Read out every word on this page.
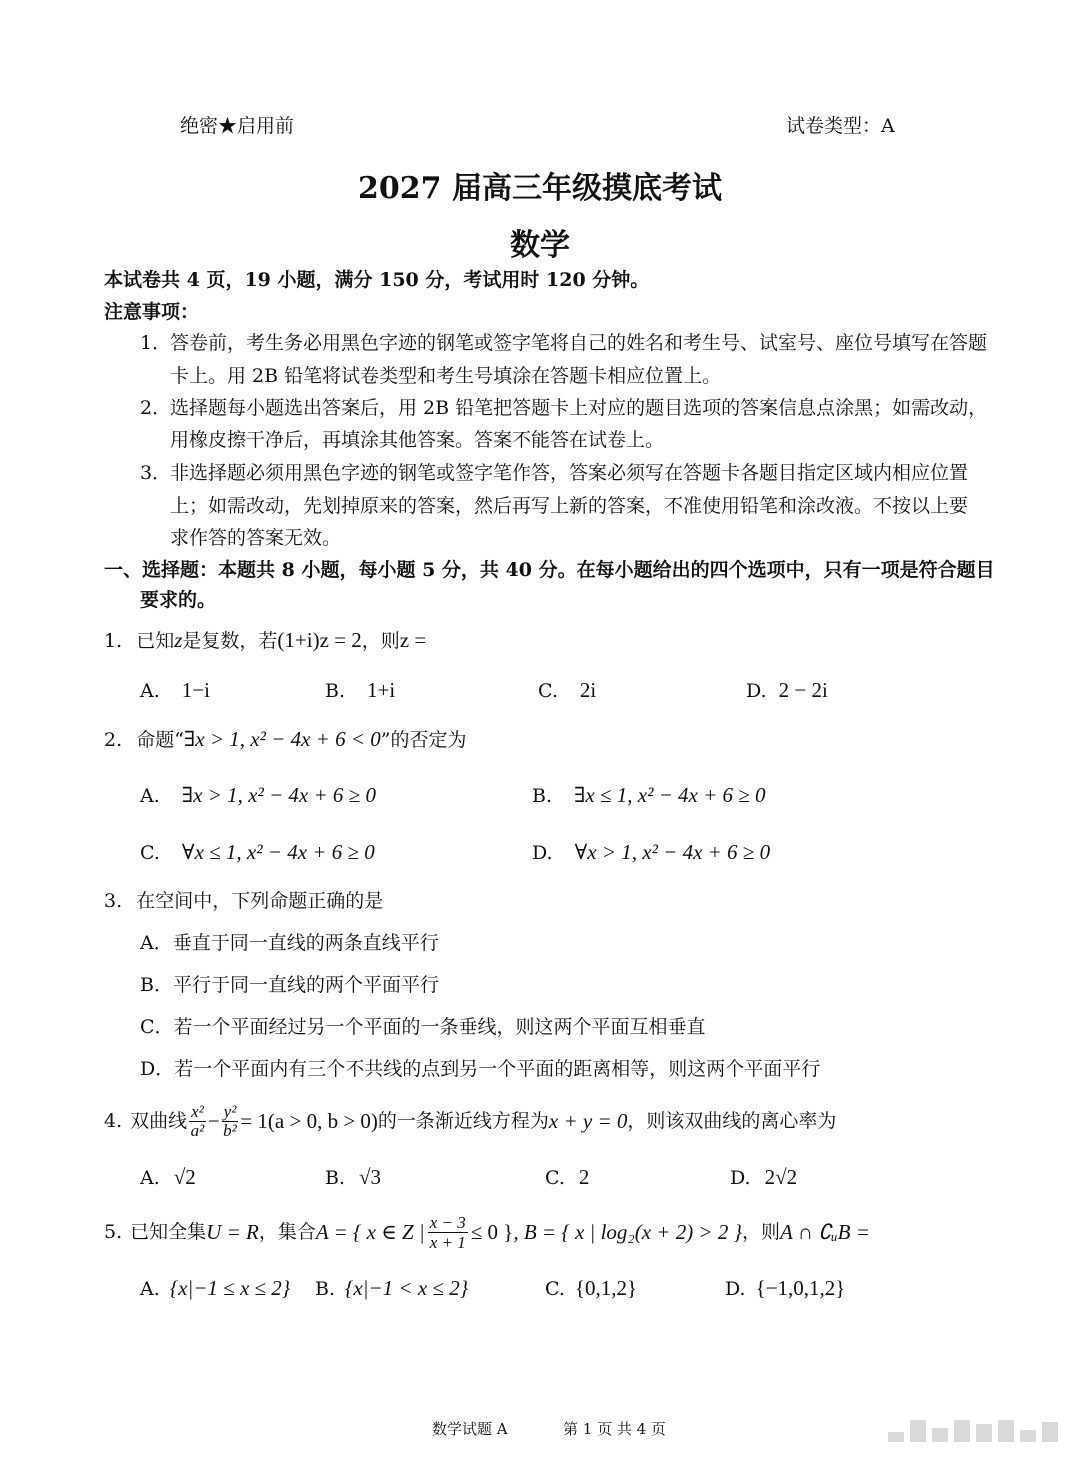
绝密★启用前	试卷类型：A
2027 届高三年级摸底考试
数学
本试卷共 4 页，19 小题，满分 150 分，考试用时 120 分钟。
注意事项：
1．
答卷前，考生务必用黑色字迹的钢笔或签字笔将自己的姓名和考生号、试室号、座位号填写在答题
卡上。用 2B 铅笔将试卷类型和考生号填涂在答题卡相应位置上。
2．
选择题每小题选出答案后，用 2B 铅笔把答题卡上对应的题目选项的答案信息点涂黑；如需改动，
用橡皮擦干净后，再填涂其他答案。答案不能答在试卷上。
3．
非选择题必须用黑色字迹的钢笔或签字笔作答，答案必须写在答题卡各题目指定区域内相应位置
上；如需改动，先划掉原来的答案，然后再写上新的答案，不准使用铅笔和涂改液。不按以上要
求作答的答案无效。
一、选择题：本题共 8 小题，每小题 5 分，共 40 分。在每小题给出的四个选项中，只有一项是符合题目
要求的。
1. 已知z是复数，若(1+i)z = 2，则z =
A. 1−i	B. 1+i	C. 2i	D. 2 − 2i
2. 命题“∃x > 1, x² − 4x + 6 < 0”的否定为
A. ∃x > 1, x² − 4x + 6 ≥ 0	B. ∃x ≤ 1, x² − 4x + 6 ≥ 0
C. ∀x ≤ 1, x² − 4x + 6 ≥ 0	D. ∀x > 1, x² − 4x + 6 ≥ 0
3. 在空间中，下列命题正确的是
A．垂直于同一直线的两条直线平行
B．平行于同一直线的两个平面平行
C．若一个平面经过另一个平面的一条垂线，则这两个平面互相垂直
D．若一个平面内有三个不共线的点到另一个平面的距离相等，则这两个平面平行
4. 双曲线 x²
$a^2 - \frac{\text{y²}}{\text{b²}} = 1(a > 0$, b > 0) 的一条渐近线方程为 x + y = 0 ，则该双曲线的离心率为
A. √2	B. √3	C. 2	D. 2√2
5. 已知全集 U = R ，集合 A = { x ∈ Z | $\frac{x - 3}{x + 1} \le 0$ } , B = { x | log₂(x + 2) > 2 } ，则 A ∩ ∁ᵤB =
A. {x|−1 ≤ x ≤ 2} B. {x|−1 < x ≤ 2}	C. {0,1,2}	D. {−1,0,1,2}
数学试题 A	第 1 页 共 4 页
